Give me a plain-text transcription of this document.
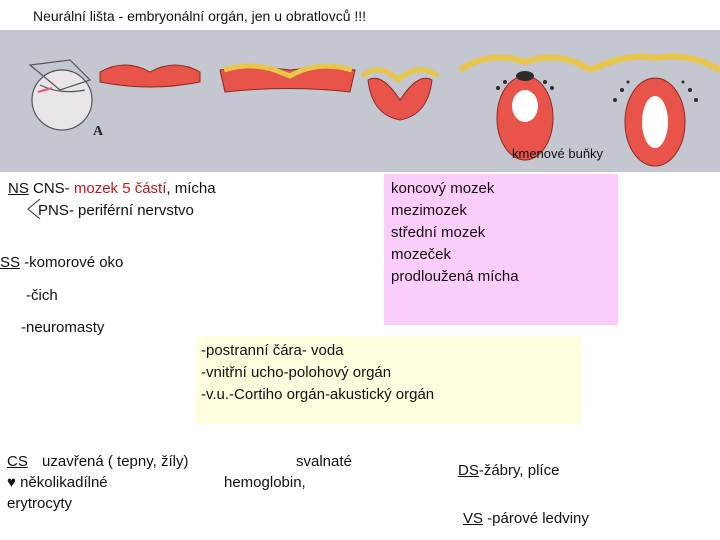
Neurální lišta - embryonální orgán, jen u obratlovců !!!
A
kmenové buňky
NS CNS- mozek 5 částí, mícha
PNS- periférní nervstvo
koncový mozek
mezimozek
střední mozek
mozeček
prodloužená mícha
SS -komorové oko
-čich
-neuromasty
-postranní čára- voda
-vnitřní ucho-polohový orgán
-v.u.-Cortiho orgán-akustický orgán
CS uzavřená ( tepny, žíly)	svalnaté
♥ několikadílné	hemoglobin,
erytrocyty
DS-žábry, plíce
VS -párové ledviny
